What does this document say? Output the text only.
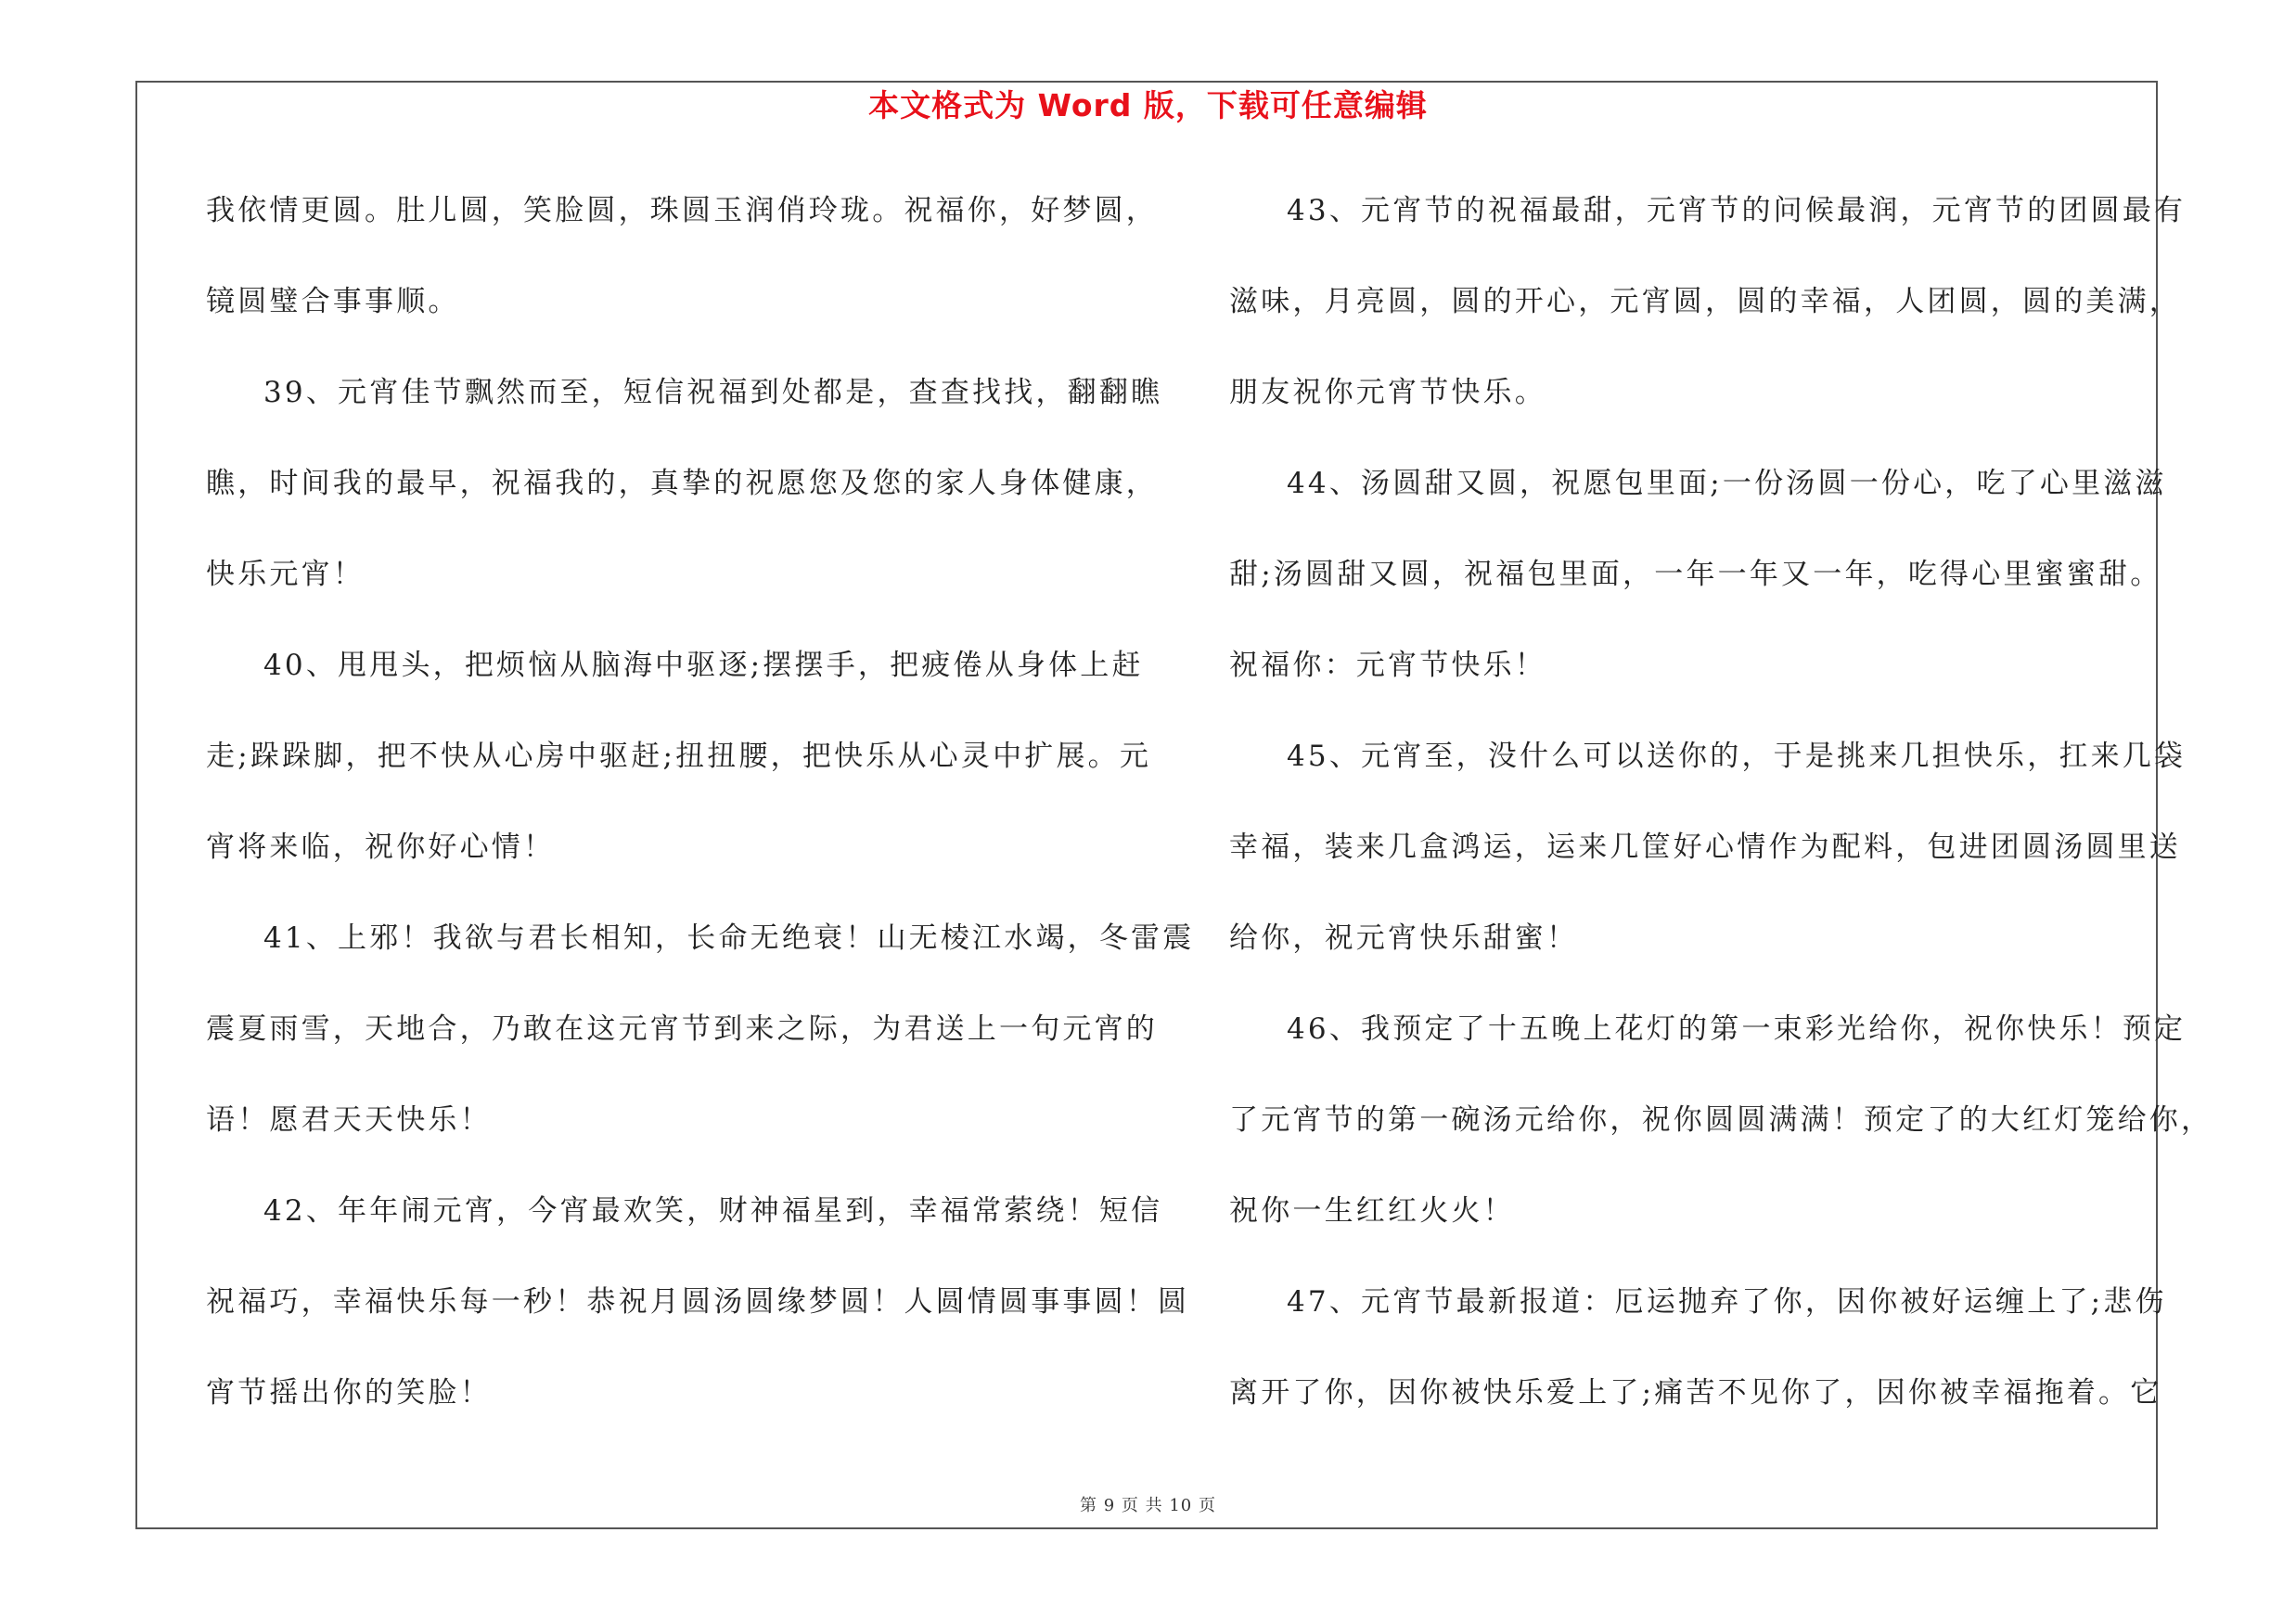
本文格式为 Word 版，下载可任意编辑
我依情更圆。肚儿圆，笑脸圆，珠圆玉润俏玲珑。祝福你，好梦圆，
镜圆璧合事事顺。
39、元宵佳节飘然而至，短信祝福到处都是，查查找找，翻翻瞧
瞧，时间我的最早，祝福我的，真挚的祝愿您及您的家人身体健康，
快乐元宵！
40、甩甩头，把烦恼从脑海中驱逐;摆摆手，把疲倦从身体上赶
走;跺跺脚，把不快从心房中驱赶;扭扭腰，把快乐从心灵中扩展。元
宵将来临，祝你好心情！
41、上邪！我欲与君长相知，长命无绝衰！山无棱江水竭，冬雷震
震夏雨雪，天地合，乃敢在这元宵节到来之际，为君送上一句元宵的
语！愿君天天快乐！
42、年年闹元宵，今宵最欢笑，财神福星到，幸福常萦绕！短信
祝福巧，幸福快乐每一秒！恭祝月圆汤圆缘梦圆！人圆情圆事事圆！圆
宵节摇出你的笑脸！
43、元宵节的祝福最甜，元宵节的问候最润，元宵节的团圆最有
滋味，月亮圆，圆的开心，元宵圆，圆的幸福，人团圆，圆的美满，
朋友祝你元宵节快乐。
44、汤圆甜又圆，祝愿包里面;一份汤圆一份心，吃了心里滋滋
甜;汤圆甜又圆，祝福包里面，一年一年又一年，吃得心里蜜蜜甜。
祝福你：元宵节快乐！
45、元宵至，没什么可以送你的，于是挑来几担快乐，扛来几袋
幸福，装来几盒鸿运，运来几筐好心情作为配料，包进团圆汤圆里送
给你，祝元宵快乐甜蜜！
46、我预定了十五晚上花灯的第一束彩光给你，祝你快乐！预定
了元宵节的第一碗汤元给你，祝你圆圆满满！预定了的大红灯笼给你，
祝你一生红红火火！
47、元宵节最新报道：厄运抛弃了你，因你被好运缠上了;悲伤
离开了你，因你被快乐爱上了;痛苦不见你了，因你被幸福拖着。它
第 9 页 共 10 页
